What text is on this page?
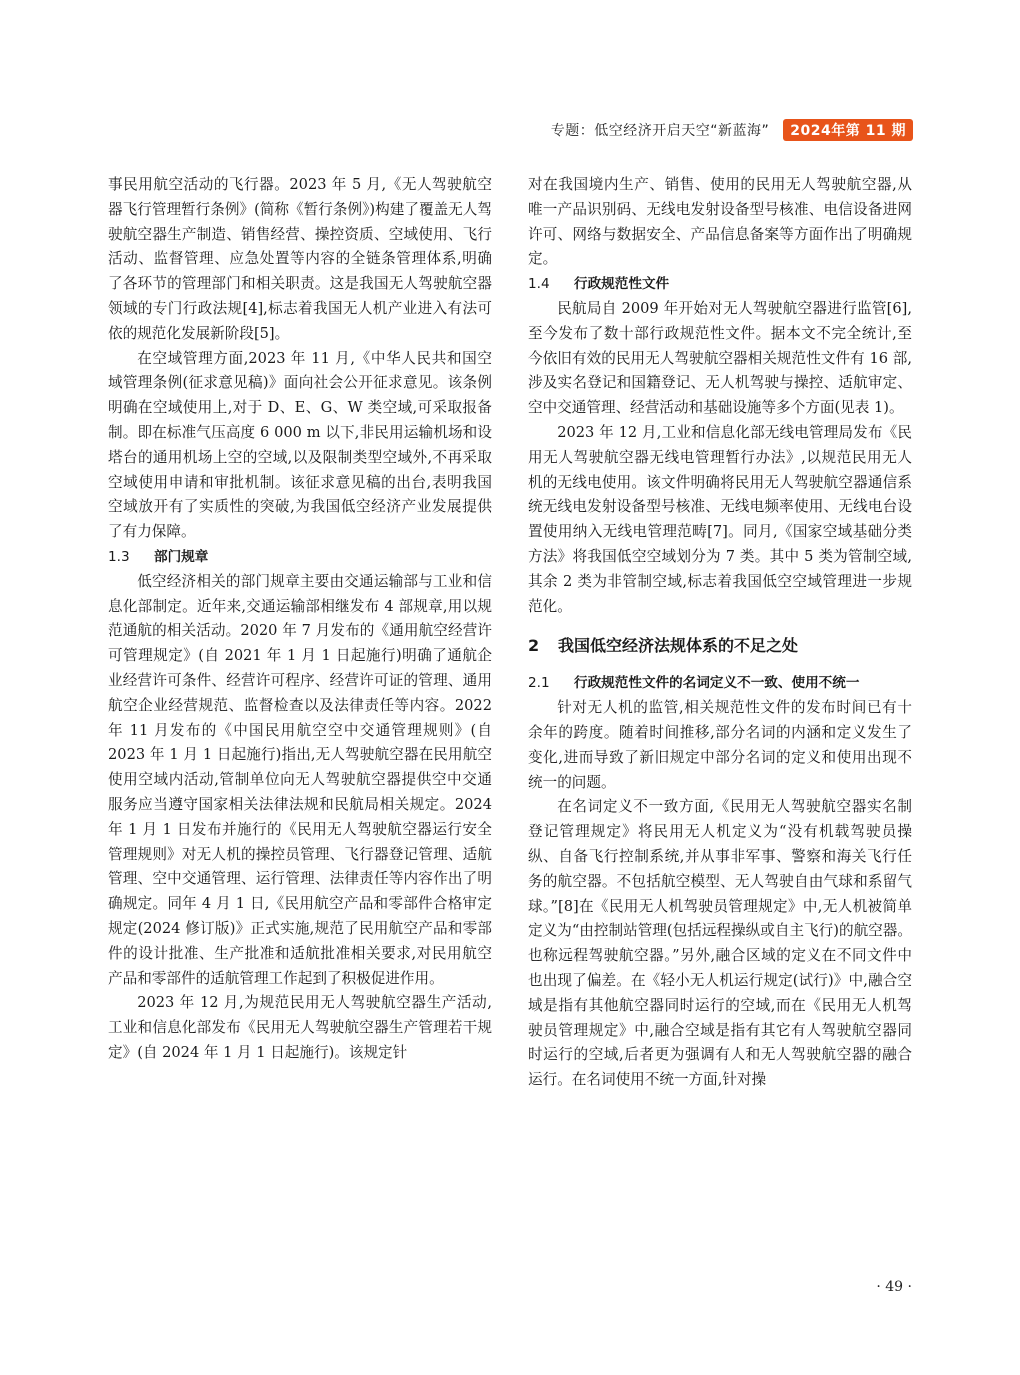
专题：低空经济开启天空“新蓝海”	2024年第 11 期

事民用航空活动的飞行器。2023 年 5 月,《无人驾驶航空器飞行管理暂行条例》(简称《暂行条例》)构建了覆盖无人驾驶航空器生产制造、销售经营、操控资质、空域使用、飞行活动、监督管理、应急处置等内容的全链条管理体系,明确了各环节的管理部门和相关职责。这是我国无人驾驶航空器领域的专门行政法规[4],标志着我国无人机产业进入有法可依的规范化发展新阶段[5]。

在空域管理方面,2023 年 11 月,《中华人民共和国空域管理条例(征求意见稿)》面向社会公开征求意见。该条例明确在空域使用上,对于 D、E、G、W 类空域,可采取报备制。即在标准气压高度 6 000 m 以下,非民用运输机场和设塔台的通用机场上空的空域,以及限制类型空域外,不再采取空域使用申请和审批机制。该征求意见稿的出台,表明我国空域放开有了实质性的突破,为我国低空经济产业发展提供了有力保障。

1.3	部门规章

低空经济相关的部门规章主要由交通运输部与工业和信息化部制定。近年来,交通运输部相继发布 4 部规章,用以规范通航的相关活动。2020 年 7 月发布的《通用航空经营许可管理规定》(自 2021 年 1 月 1 日起施行)明确了通航企业经营许可条件、经营许可程序、经营许可证的管理、通用航空企业经营规范、监督检查以及法律责任等内容。2022 年 11 月发布的《中国民用航空空中交通管理规则》(自 2023 年 1 月 1 日起施行)指出,无人驾驶航空器在民用航空使用空域内活动,管制单位向无人驾驶航空器提供空中交通服务应当遵守国家相关法律法规和民航局相关规定。2024 年 1 月 1 日发布并施行的《民用无人驾驶航空器运行安全管理规则》对无人机的操控员管理、飞行器登记管理、适航管理、空中交通管理、运行管理、法律责任等内容作出了明确规定。同年 4 月 1 日,《民用航空产品和零部件合格审定规定(2024 修订版)》正式实施,规范了民用航空产品和零部件的设计批准、生产批准和适航批准相关要求,对民用航空产品和零部件的适航管理工作起到了积极促进作用。

2023 年 12 月,为规范民用无人驾驶航空器生产活动,工业和信息化部发布《民用无人驾驶航空器生产管理若干规定》(自 2024 年 1 月 1 日起施行)。该规定针

对在我国境内生产、销售、使用的民用无人驾驶航空器,从唯一产品识别码、无线电发射设备型号核准、电信设备进网许可、网络与数据安全、产品信息备案等方面作出了明确规定。

1.4	行政规范性文件

民航局自 2009 年开始对无人驾驶航空器进行监管[6],至今发布了数十部行政规范性文件。据本文不完全统计,至今依旧有效的民用无人驾驶航空器相关规范性文件有 16 部,涉及实名登记和国籍登记、无人机驾驶与操控、适航审定、空中交通管理、经营活动和基础设施等多个方面(见表 1)。

2023 年 12 月,工业和信息化部无线电管理局发布《民用无人驾驶航空器无线电管理暂行办法》,以规范民用无人机的无线电使用。该文件明确将民用无人驾驶航空器通信系统无线电发射设备型号核准、无线电频率使用、无线电台设置使用纳入无线电管理范畴[7]。同月,《国家空域基础分类方法》将我国低空空域划分为 7 类。其中 5 类为管制空域,其余 2 类为非管制空域,标志着我国低空空域管理进一步规范化。

2 我国低空经济法规体系的不足之处
2.1	行政规范性文件的名词定义不一致、使用不统一

针对无人机的监管,相关规范性文件的发布时间已有十余年的跨度。随着时间推移,部分名词的内涵和定义发生了变化,进而导致了新旧规定中部分名词的定义和使用出现不统一的问题。

在名词定义不一致方面,《民用无人驾驶航空器实名制登记管理规定》将民用无人机定义为“没有机载驾驶员操纵、自备飞行控制系统,并从事非军事、警察和海关飞行任务的航空器。不包括航空模型、无人驾驶自由气球和系留气球。”[8]在《民用无人机驾驶员管理规定》中,无人机被简单定义为“由控制站管理(包括远程操纵或自主飞行)的航空器。也称远程驾驶航空器。”另外,融合区域的定义在不同文件中也出现了偏差。在《轻小无人机运行规定(试行)》中,融合空域是指有其他航空器同时运行的空域,而在《民用无人机驾驶员管理规定》中,融合空域是指有其它有人驾驶航空器同时运行的空域,后者更为强调有人和无人驾驶航空器的融合运行。在名词使用不统一方面,针对操

· 49 ·
